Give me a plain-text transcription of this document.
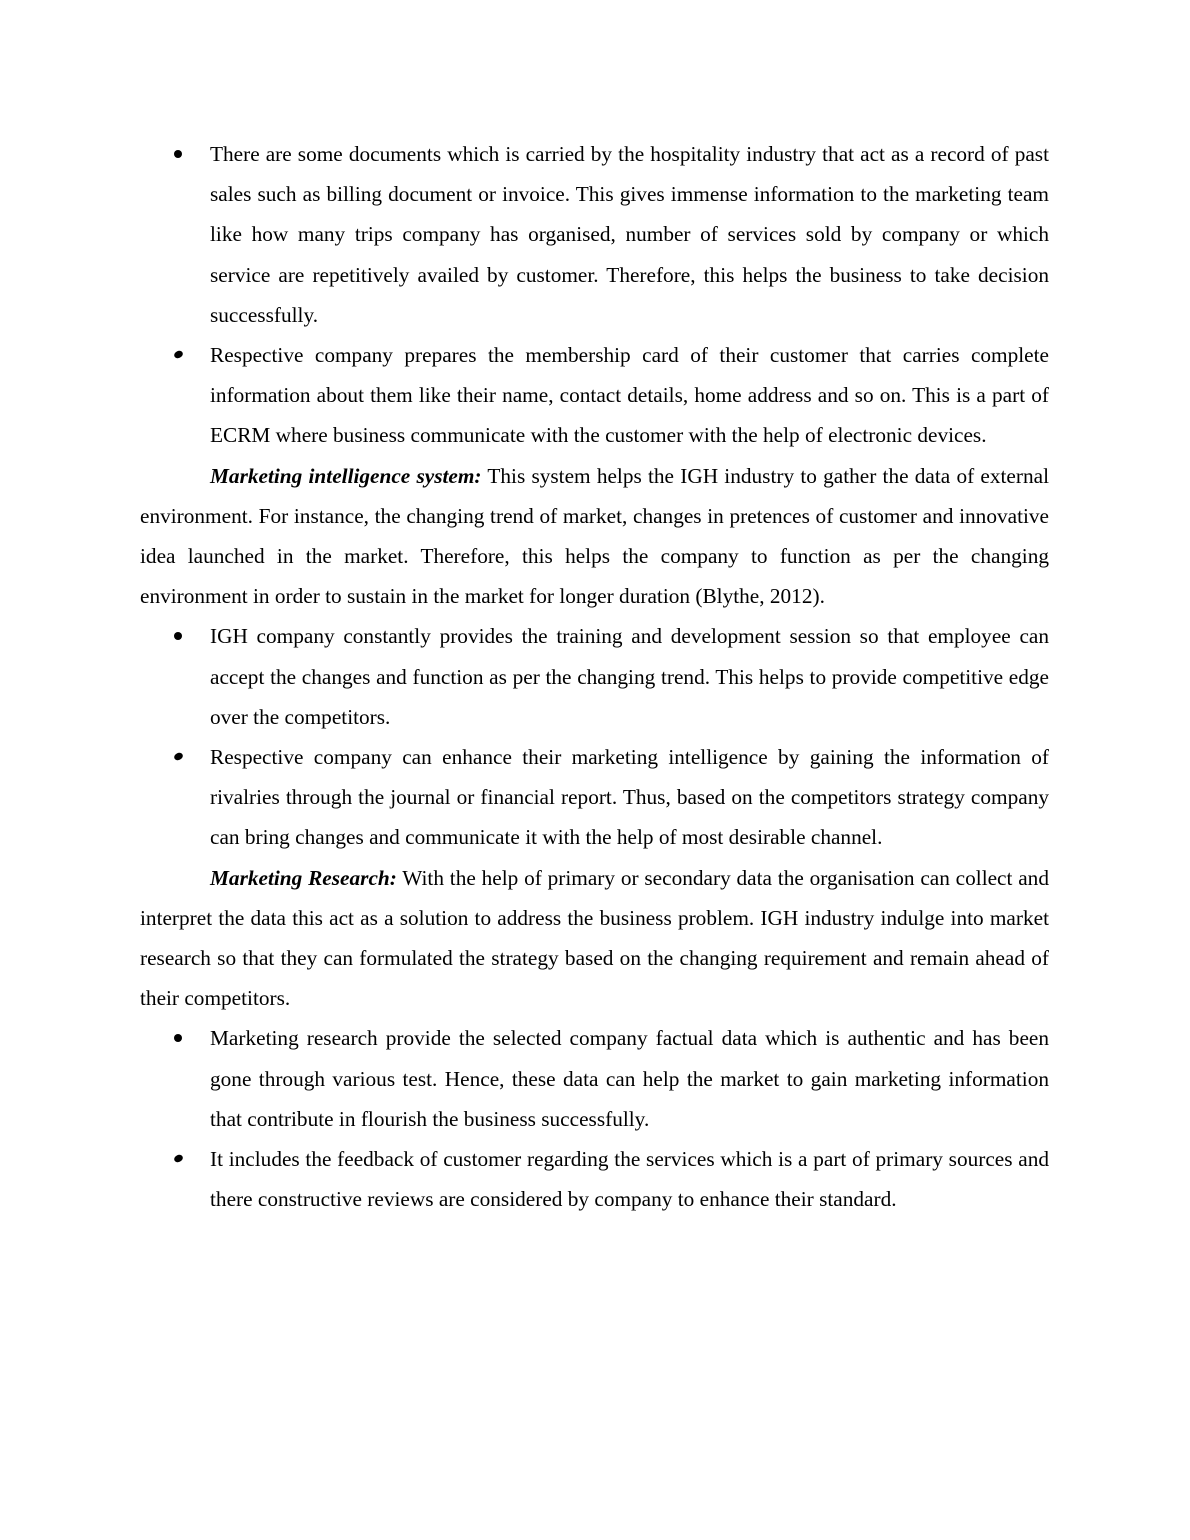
There are some documents which is carried by the hospitality industry that act as a record of past sales such as billing document or invoice. This gives immense information to the marketing team like how many trips company has organised, number of services sold by company or which service are repetitively availed by customer. Therefore, this helps the business to take decision successfully.
Respective company prepares the membership card of their customer that carries complete information about them like their name, contact details, home address and so on. This is a part of ECRM where business communicate with the customer with the help of electronic devices.

Marketing intelligence system: This system helps the IGH industry to gather the data of external environment. For instance, the changing trend of market, changes in pretences of customer and innovative idea launched in the market. Therefore, this helps the company to function as per the changing environment in order to sustain in the market for longer duration (Blythe, 2012).

IGH company constantly provides the training and development session so that employee can accept the changes and function as per the changing trend. This helps to provide competitive edge over the competitors.
Respective company can enhance their marketing intelligence by gaining the information of rivalries through the journal or financial report. Thus, based on the competitors strategy company can bring changes and communicate it with the help of most desirable channel.

Marketing Research: With the help of primary or secondary data the organisation can collect and interpret the data this act as a solution to address the business problem. IGH industry indulge into market research so that they can formulated the strategy based on the changing requirement and remain ahead of their competitors.

Marketing research provide the selected company factual data which is authentic and has been gone through various test. Hence, these data can help the market to gain marketing information that contribute in flourish the business successfully.
It includes the feedback of customer regarding the services which is a part of primary sources and there constructive reviews are considered by company to enhance their standard.
